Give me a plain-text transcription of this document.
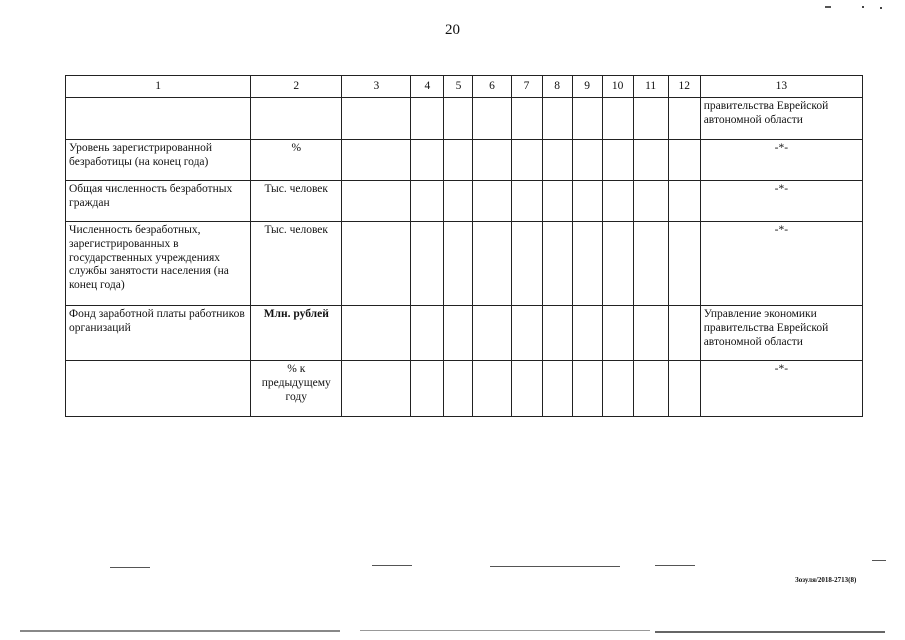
20
1	2	3	4	5	6	7	8	9	10	11	12	13
												правительства Еврейской автономной области
Уровень зарегистрированной безработицы (на конец года)	%											-*-
Общая численность безработных граждан	Тыс. человек											-*-
Численность безработных, зарегистрированных в государственных учреждениях службы занятости населения (на конец года)	Тыс. человек											-*-
Фонд заработной платы работников организаций	Млн. рублей											Управление экономики правительства Еврейской автономной области
	% к предыдущему году											-*-
Зозуля/2018-2713(8)
